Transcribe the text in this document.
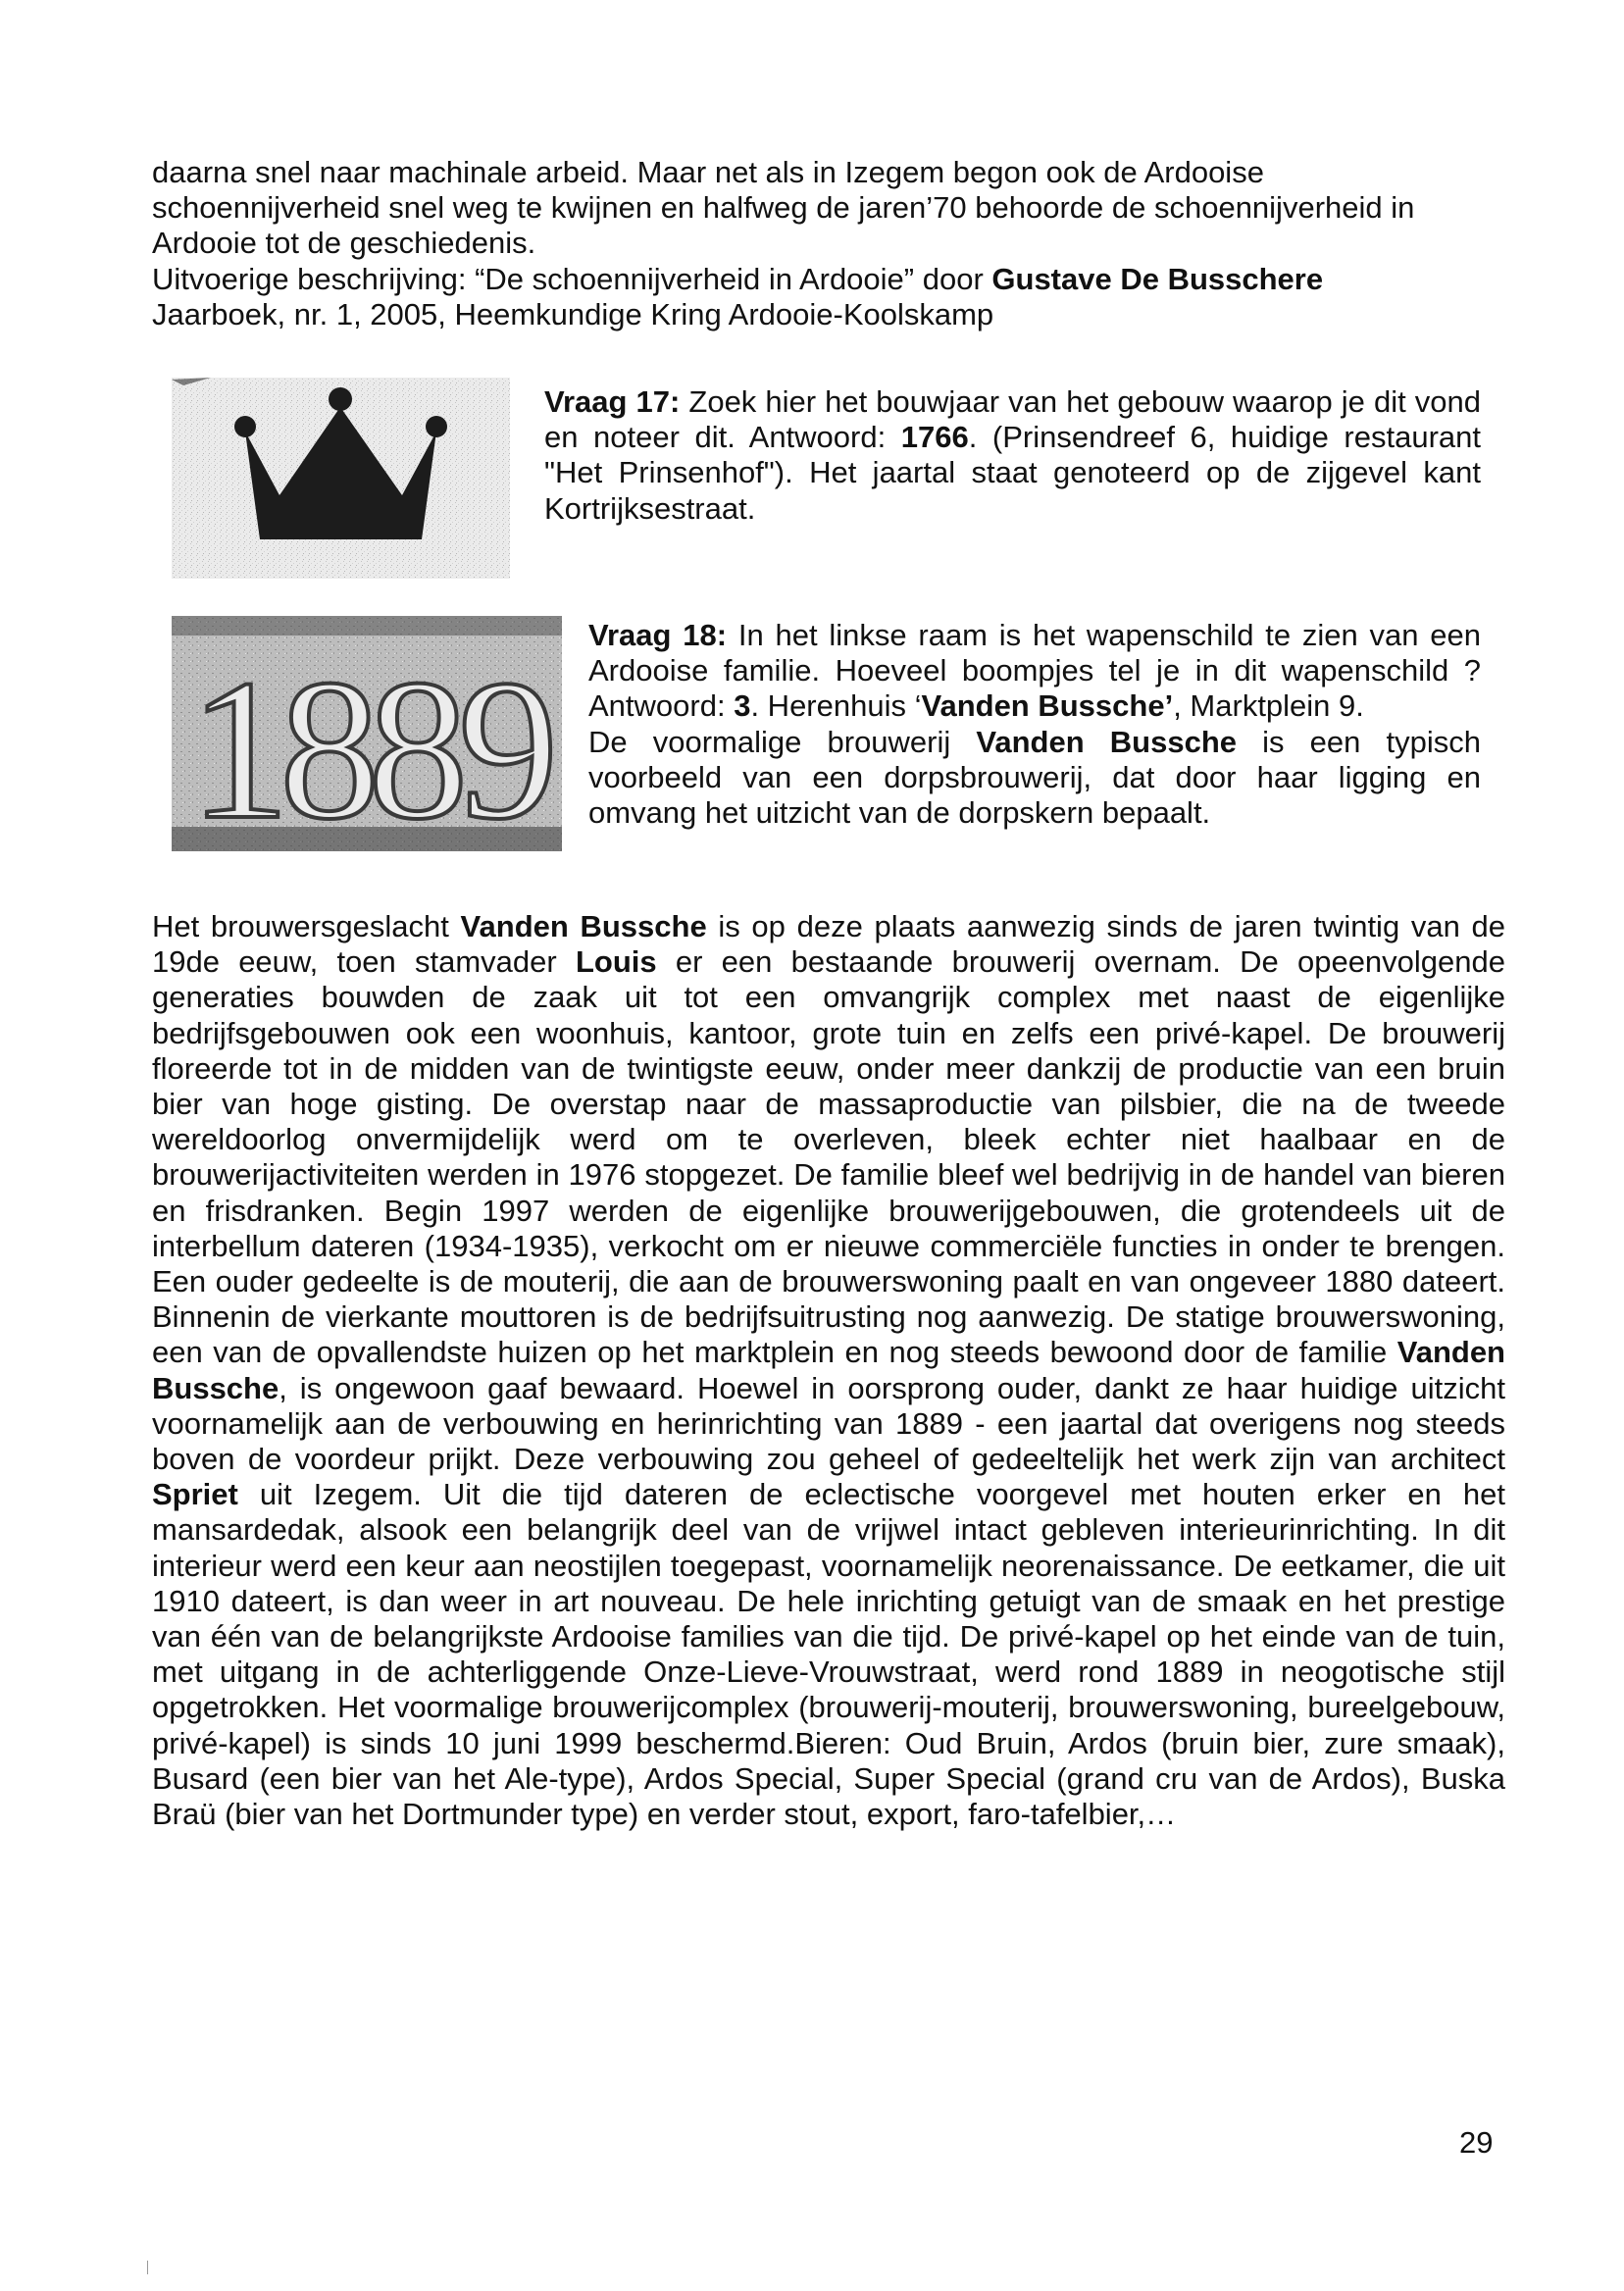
daarna snel naar machinale arbeid. Maar net als in Izegem begon ook de Ardooise schoennijverheid snel weg te kwijnen en halfweg de jaren’70 behoorde de schoennijverheid in Ardooie tot de geschiedenis.

Uitvoerige beschrijving: “De schoennijverheid in Ardooie” door Gustave De Busschere

Jaarboek, nr. 1, 2005, Heemkundige Kring Ardooie-Koolskamp

Vraag 17: Zoek hier het bouwjaar van het gebouw waarop je dit vond en noteer dit. Antwoord: 1766. (Prinsendreef 6, huidige restaurant "Het Prinsenhof"). Het jaartal staat genoteerd op de zijgevel kant Kortrijksestraat.

1
8
8
9

Vraag 18: In het linkse raam is het wapenschild te zien van een Ardooise familie. Hoeveel boompjes tel je in dit wapenschild ? Antwoord: 3. Herenhuis ‘Vanden Bussche’, Marktplein 9.

De voormalige brouwerij Vanden Bussche is een typisch voorbeeld van een dorpsbrouwerij, dat door haar ligging en omvang het uitzicht van de dorpskern bepaalt.

Het brouwersgeslacht Vanden Bussche is op deze plaats aanwezig sinds de jaren twintig van de 19de eeuw, toen stamvader Louis er een bestaande brouwerij overnam. De opeenvolgende generaties bouwden de zaak uit tot een omvangrijk complex met naast de eigenlijke bedrijfsgebouwen ook een woonhuis, kantoor, grote tuin en zelfs een privé-kapel. De brouwerij floreerde tot in de midden van de twintigste eeuw, onder meer dankzij de productie van een bruin bier van hoge gisting. De overstap naar de massaproductie van pilsbier, die na de tweede wereldoorlog onvermijdelijk werd om te overleven, bleek echter niet haalbaar en de brouwerijactiviteiten werden in 1976 stopgezet. De familie bleef wel bedrijvig in de handel van bieren en frisdranken. Begin 1997 werden de eigenlijke brouwerijgebouwen, die grotendeels uit de interbellum dateren (1934-1935), verkocht om er nieuwe commerciële functies in onder te brengen. Een ouder gedeelte is de mouterij, die aan de brouwerswoning paalt en van ongeveer 1880 dateert. Binnenin de vierkante mouttoren is de bedrijfsuitrusting nog aanwezig. De statige brouwerswoning, een van de opvallendste huizen op het marktplein en nog steeds bewoond door de familie Vanden Bussche, is ongewoon gaaf bewaard. Hoewel in oorsprong ouder, dankt ze haar huidige uitzicht voornamelijk aan de verbouwing en herinrichting van 1889 - een jaartal dat overigens nog steeds boven de voordeur prijkt. Deze verbouwing zou geheel of gedeeltelijk het werk zijn van architect Spriet uit Izegem. Uit die tijd dateren de eclectische voorgevel met houten erker en het mansardedak, alsook een belangrijk deel van de vrijwel intact gebleven interieurinrichting. In dit interieur werd een keur aan neostijlen toegepast, voornamelijk neorenaissance. De eetkamer, die uit 1910 dateert, is dan weer in art nouveau. De hele inrichting getuigt van de smaak en het prestige van één van de belangrijkste Ardooise families van die tijd. De privé-kapel op het einde van de tuin, met uitgang in de achterliggende Onze-Lieve-Vrouwstraat, werd rond 1889 in neogotische stijl opgetrokken. Het voormalige brouwerijcomplex (brouwerij-mouterij, brouwerswoning, bureelgebouw, privé-kapel) is sinds 10 juni 1999 beschermd.Bieren: Oud Bruin, Ardos (bruin bier, zure smaak), Busard (een bier van het Ale-type), Ardos Special, Super Special (grand cru van de Ardos), Buska Braü (bier van het Dortmunder type) en verder stout, export, faro-tafelbier,…

29
